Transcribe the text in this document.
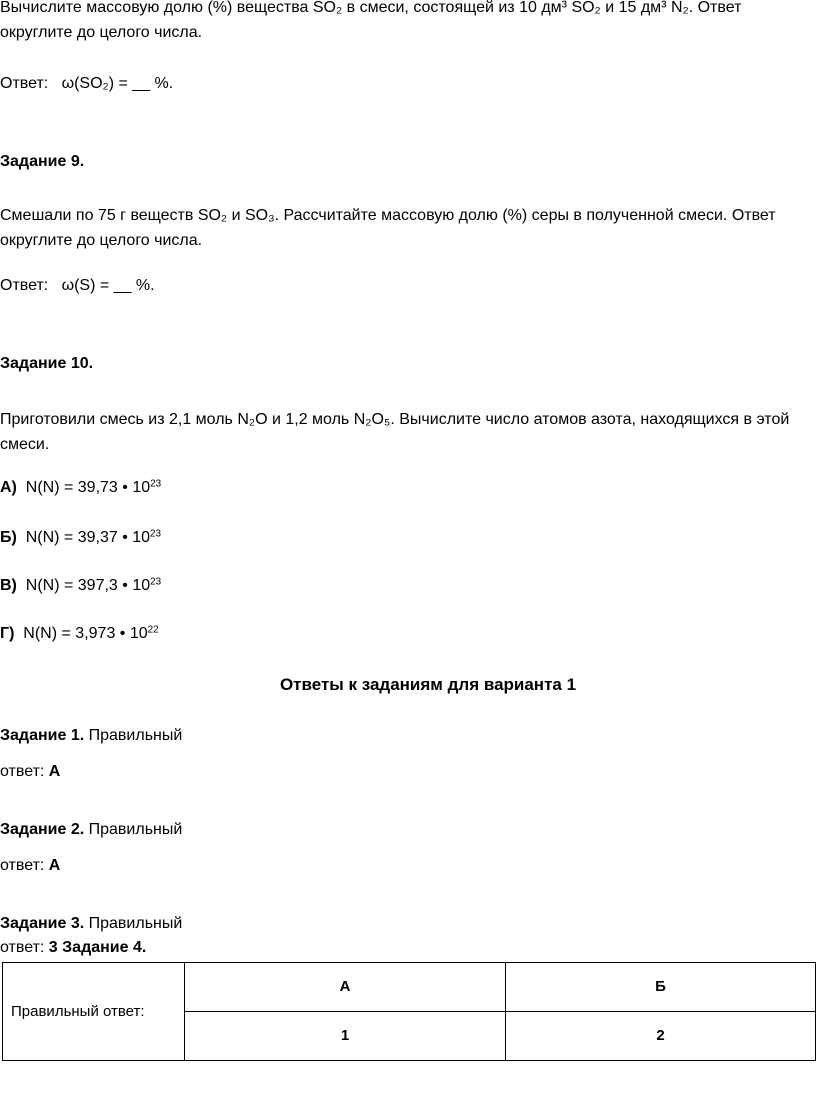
Вычислите массовую долю (%) вещества SO₂ в смеси, состоящей из 10 дм³ SO₂ и 15 дм³ N₂. Ответ округлите до целого числа.
Ответ: ω(SO₂) = __ %.
Задание 9.
Смешали по 75 г веществ SO₂ и SO₃. Рассчитайте массовую долю (%) серы в полученной смеси. Ответ округлите до целого числа.
Ответ: ω(S) = __ %.
Задание 10.
Приготовили смесь из 2,1 моль N₂O и 1,2 моль N₂O₅. Вычислите число атомов азота, находящихся в этой смеси.
А) N(N) = 39,73 • $10^{23}$
Б) N(N) = 39,37 • $10^{23}$
В) N(N) = 397,3 • $10^{23}$
Г) N(N) = 3,973 • $10^{22}$
Ответы к заданиям для варианта 1
Задание 1. Правильный
ответ: А
Задание 2. Правильный
ответ: А
Задание 3. Правильный
ответ: 3 Задание 4.
Правильный ответ:	А	Б
	1	2
